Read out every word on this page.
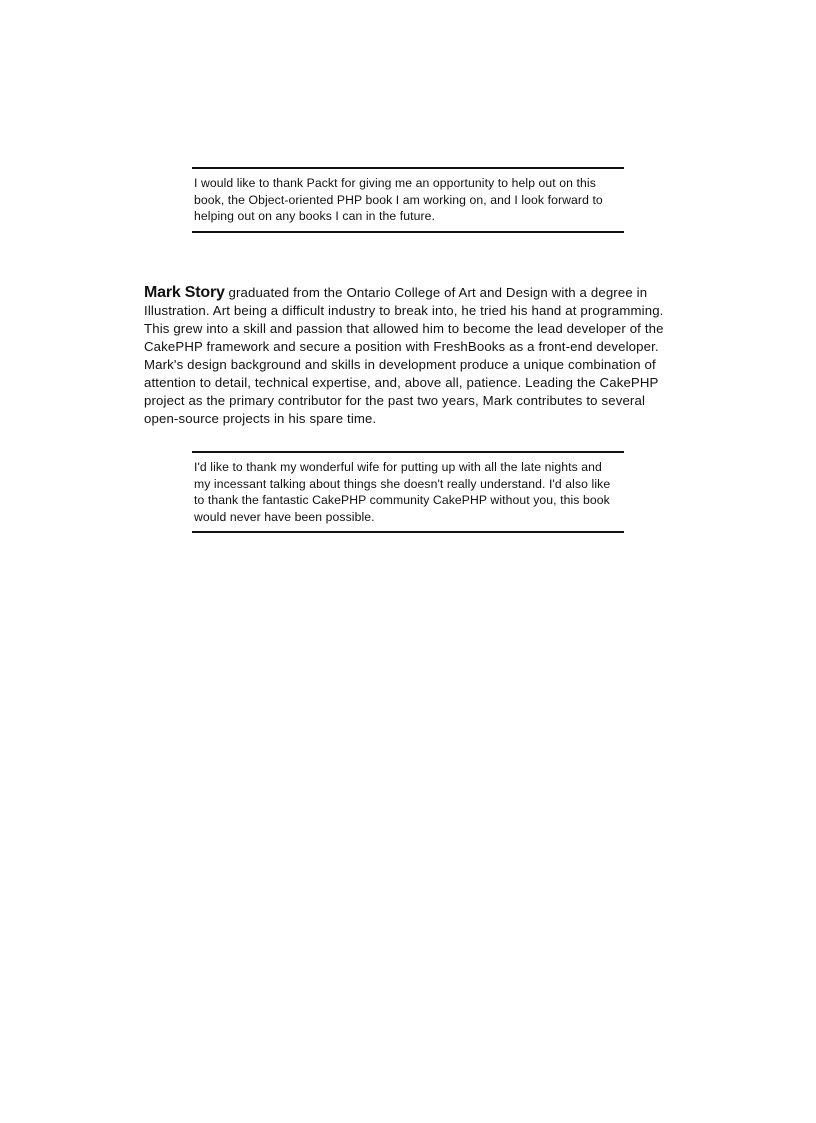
I would like to thank Packt for giving me an opportunity to help out on this
book, the Object-oriented PHP book I am working on, and I look forward to
helping out on any books I can in the future.
Mark Story graduated from the Ontario College of Art and Design with a degree in
Illustration. Art being a difficult industry to break into, he tried his hand at programming.
This grew into a skill and passion that allowed him to become the lead developer of the
CakePHP framework and secure a position with FreshBooks as a front-end developer.
Mark's design background and skills in development produce a unique combination of
attention to detail, technical expertise, and, above all, patience. Leading the CakePHP
project as the primary contributor for the past two years, Mark contributes to several
open-source projects in his spare time.
I'd like to thank my wonderful wife for putting up with all the late nights and
my incessant talking about things she doesn't really understand. I'd also like
to thank the fantastic CakePHP community CakePHP without you, this book
would never have been possible.
